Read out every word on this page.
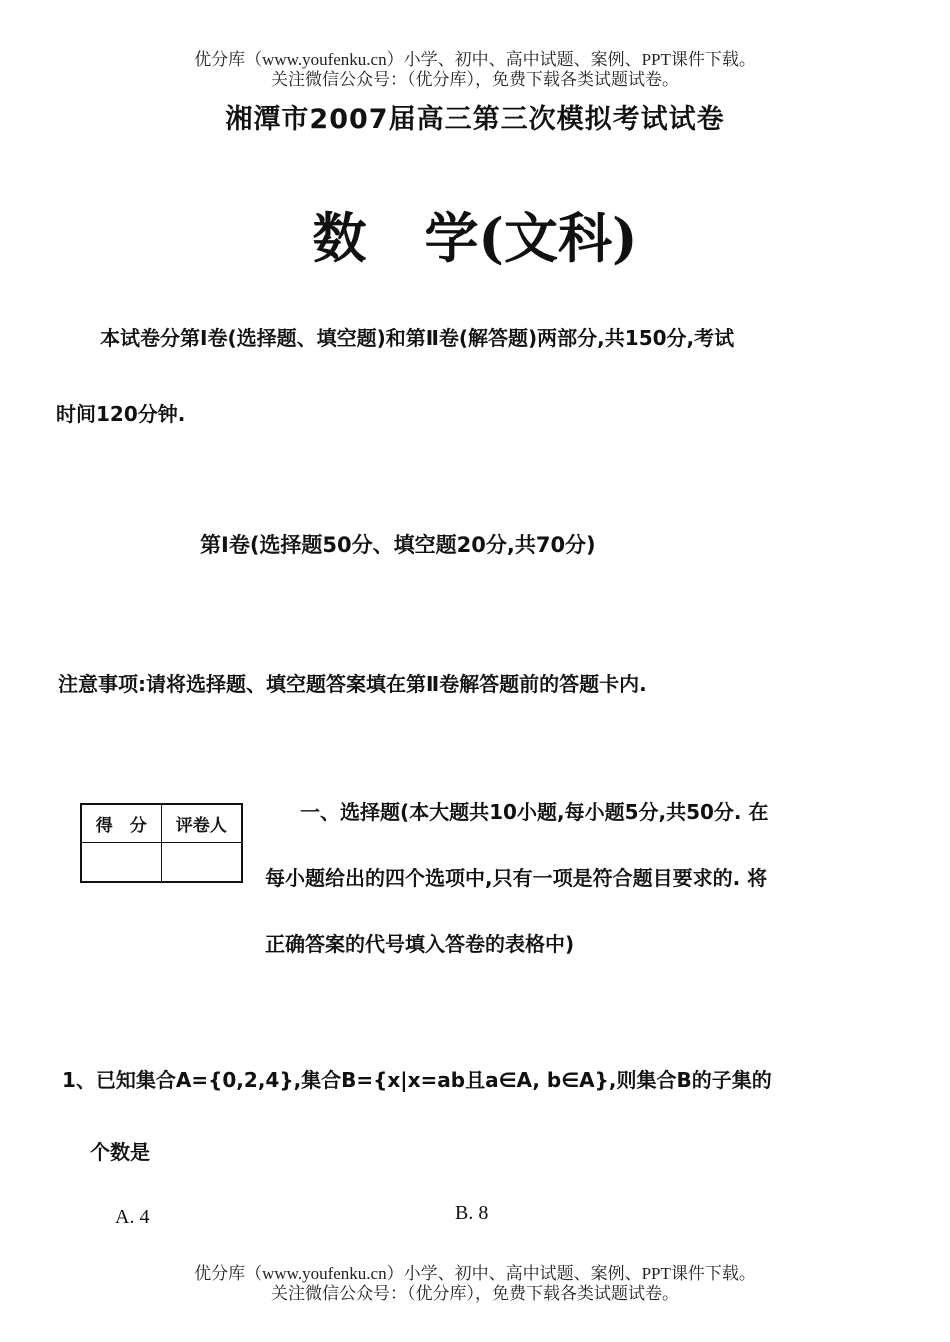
优分库（www.youfenku.cn）小学、初中、高中试题、案例、PPT课件下载。
关注微信公众号：（优分库），免费下载各类试题试卷。
湘潭市2007届高三第三次模拟考试试卷
数 学(文科)
本试卷分第Ⅰ卷(选择题、填空题)和第Ⅱ卷(解答题)两部分,共150分,考试
时间120分钟.
第Ⅰ卷(选择题50分、填空题20分,共70分)
注意事项:请将选择题、填空题答案填在第Ⅱ卷解答题前的答题卡内.
得　分	评卷人
一、选择题(本大题共10小题,每小题5分,共50分. 在
每小题给出的四个选项中,只有一项是符合题目要求的. 将
正确答案的代号填入答卷的表格中)
1、已知集合A={0,2,4},集合B={x|x=ab且a∈A, b∈A},则集合B的子集的
个数是
A. 4	B. 8
优分库（www.youfenku.cn）小学、初中、高中试题、案例、PPT课件下载。
关注微信公众号：（优分库），免费下载各类试题试卷。
